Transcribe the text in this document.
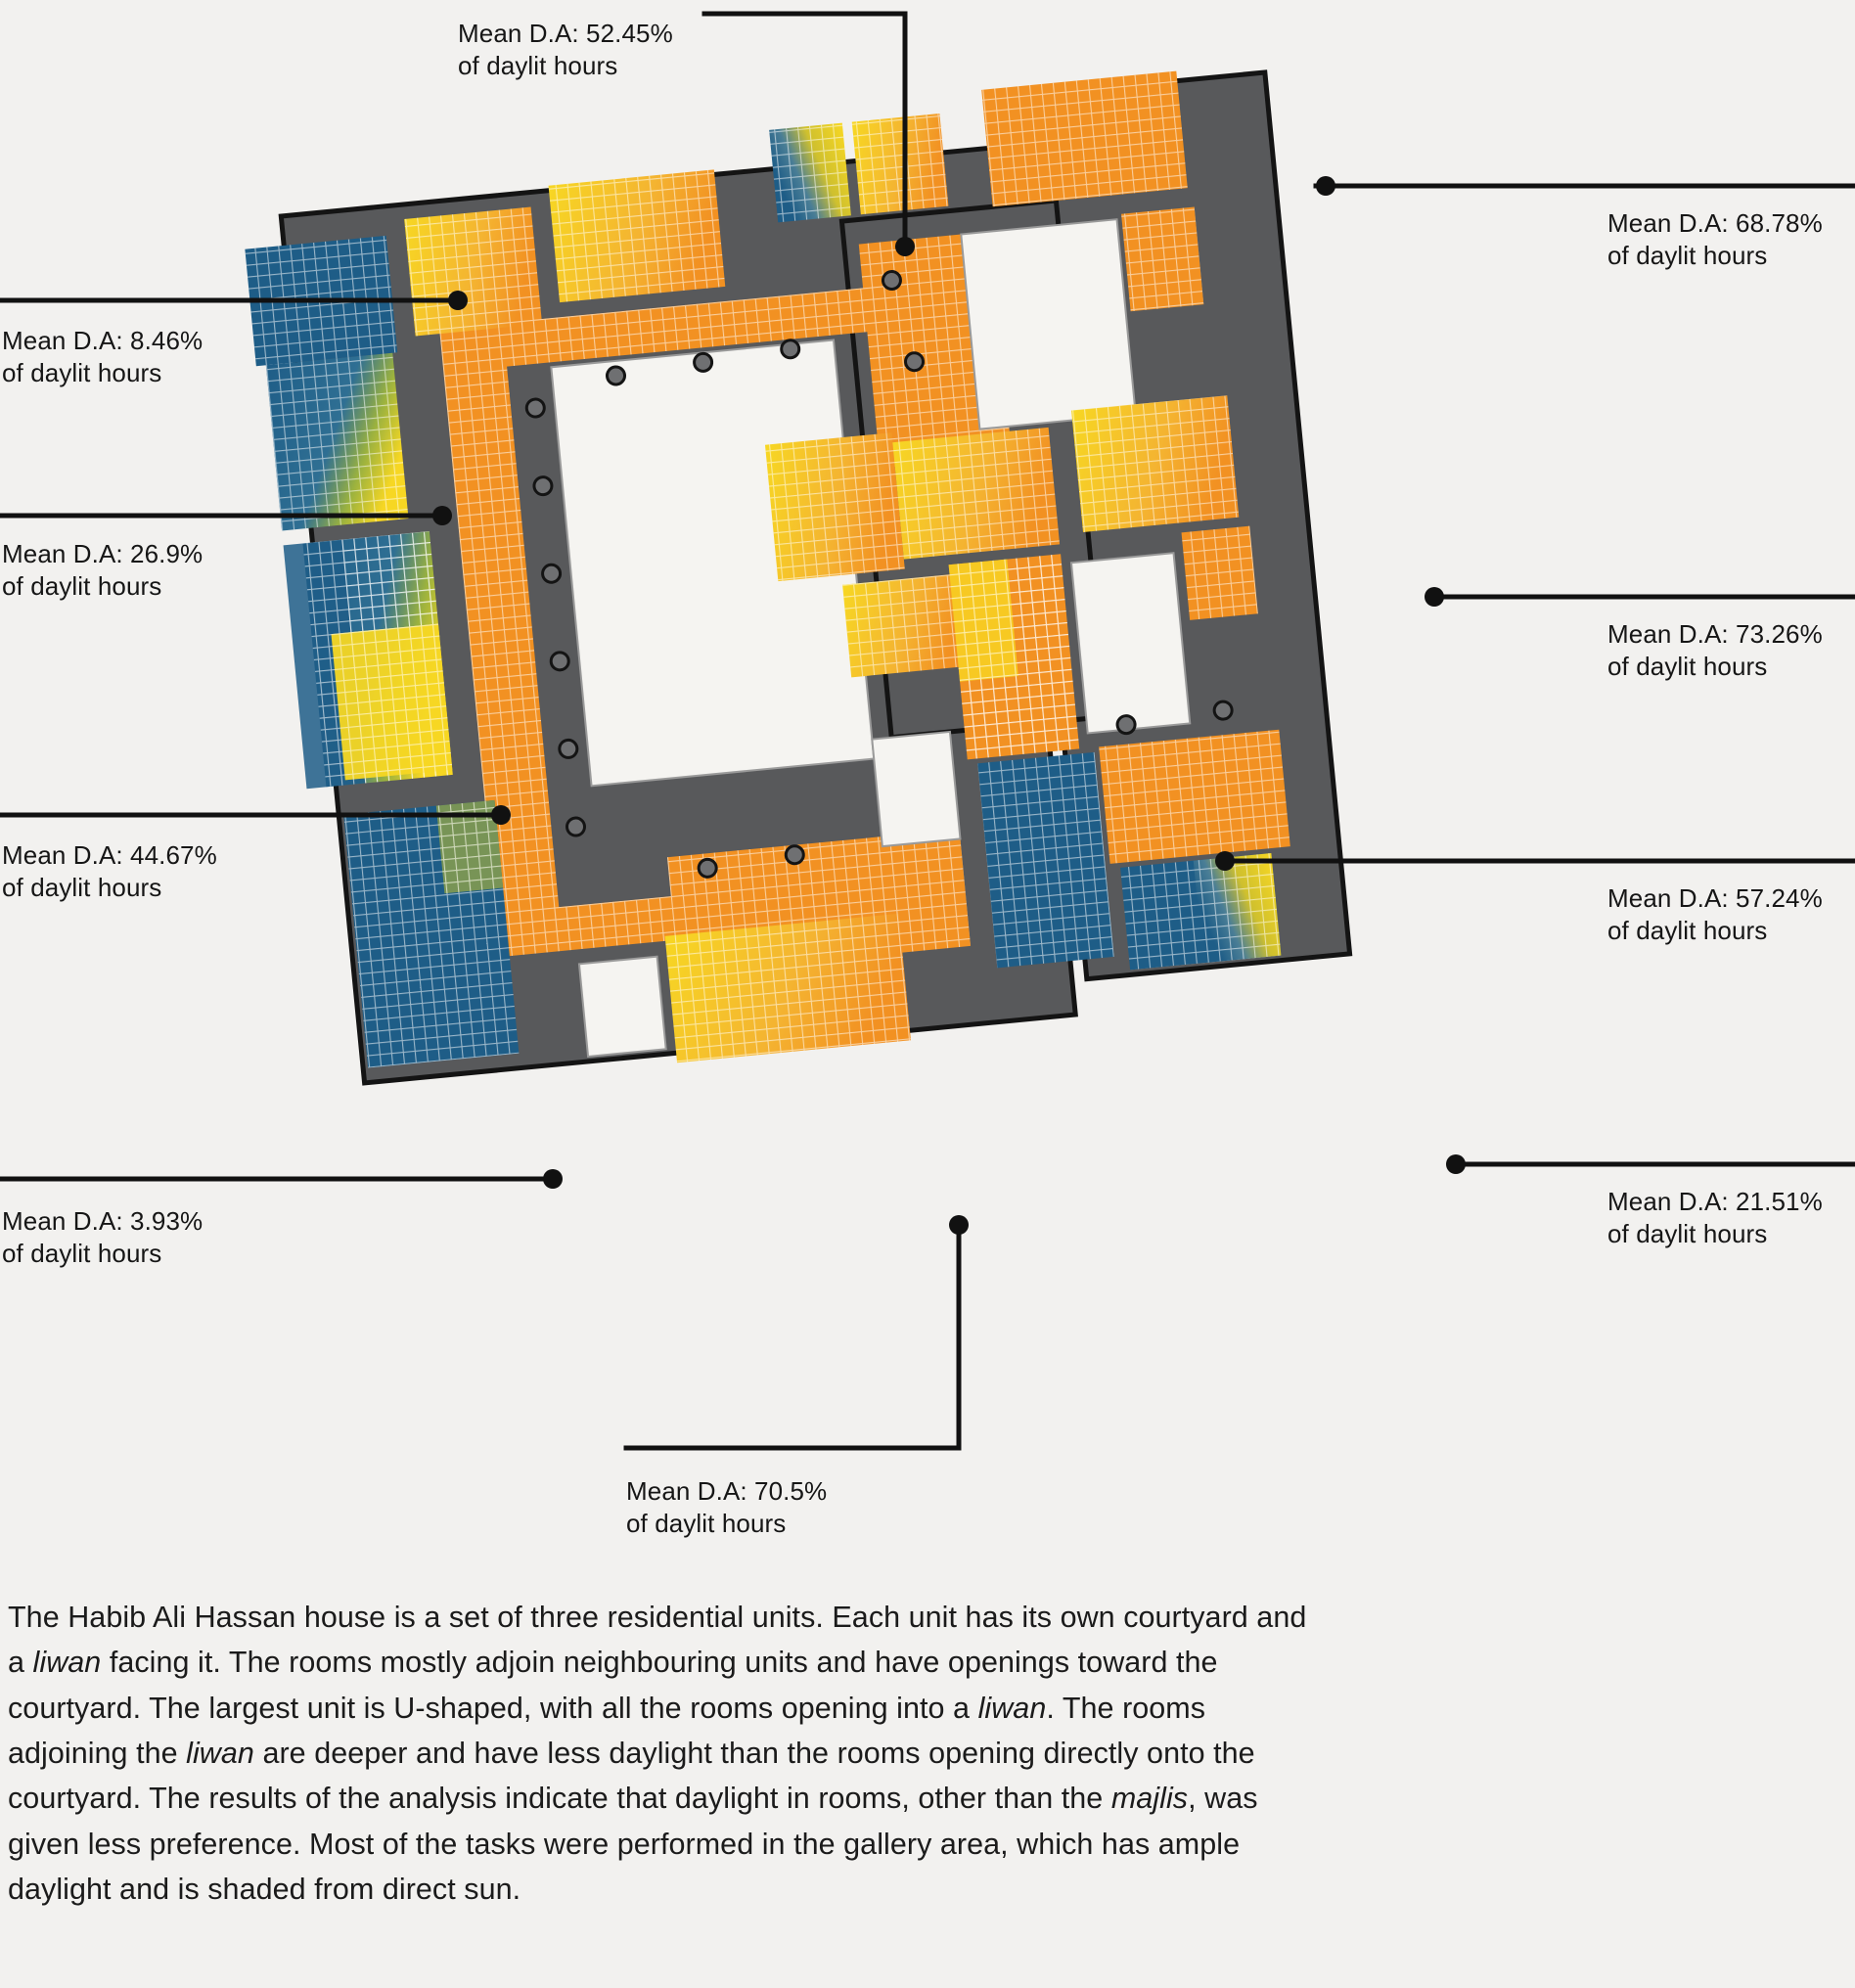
Mean D.A: 52.45%
of daylit hours
Mean D.A: 68.78%
of daylit hours
Mean D.A: 8.46%
of daylit hours
Mean D.A: 26.9%
of daylit hours
Mean D.A: 73.26%
of daylit hours
Mean D.A: 44.67%
of daylit hours	Mean D.A: 57.24%
of daylit hours
Mean D.A: 21.51%
of daylit hours
Mean D.A: 3.93%
of daylit hours
Mean D.A: 70.5%
of daylit hours
The Habib Ali Hassan house is a set of three residential units. Each unit has its own courtyard and a liwan facing it. The rooms mostly adjoin neighbouring units and have openings toward the courtyard. The largest unit is U-shaped, with all the rooms opening into a liwan. The rooms adjoining the liwan are deeper and have less daylight than the rooms opening directly onto the courtyard. The results of the analysis indicate that daylight in rooms, other than the majlis, was given less preference. Most of the tasks were performed in the gallery area, which has ample daylight and is shaded from direct sun.
